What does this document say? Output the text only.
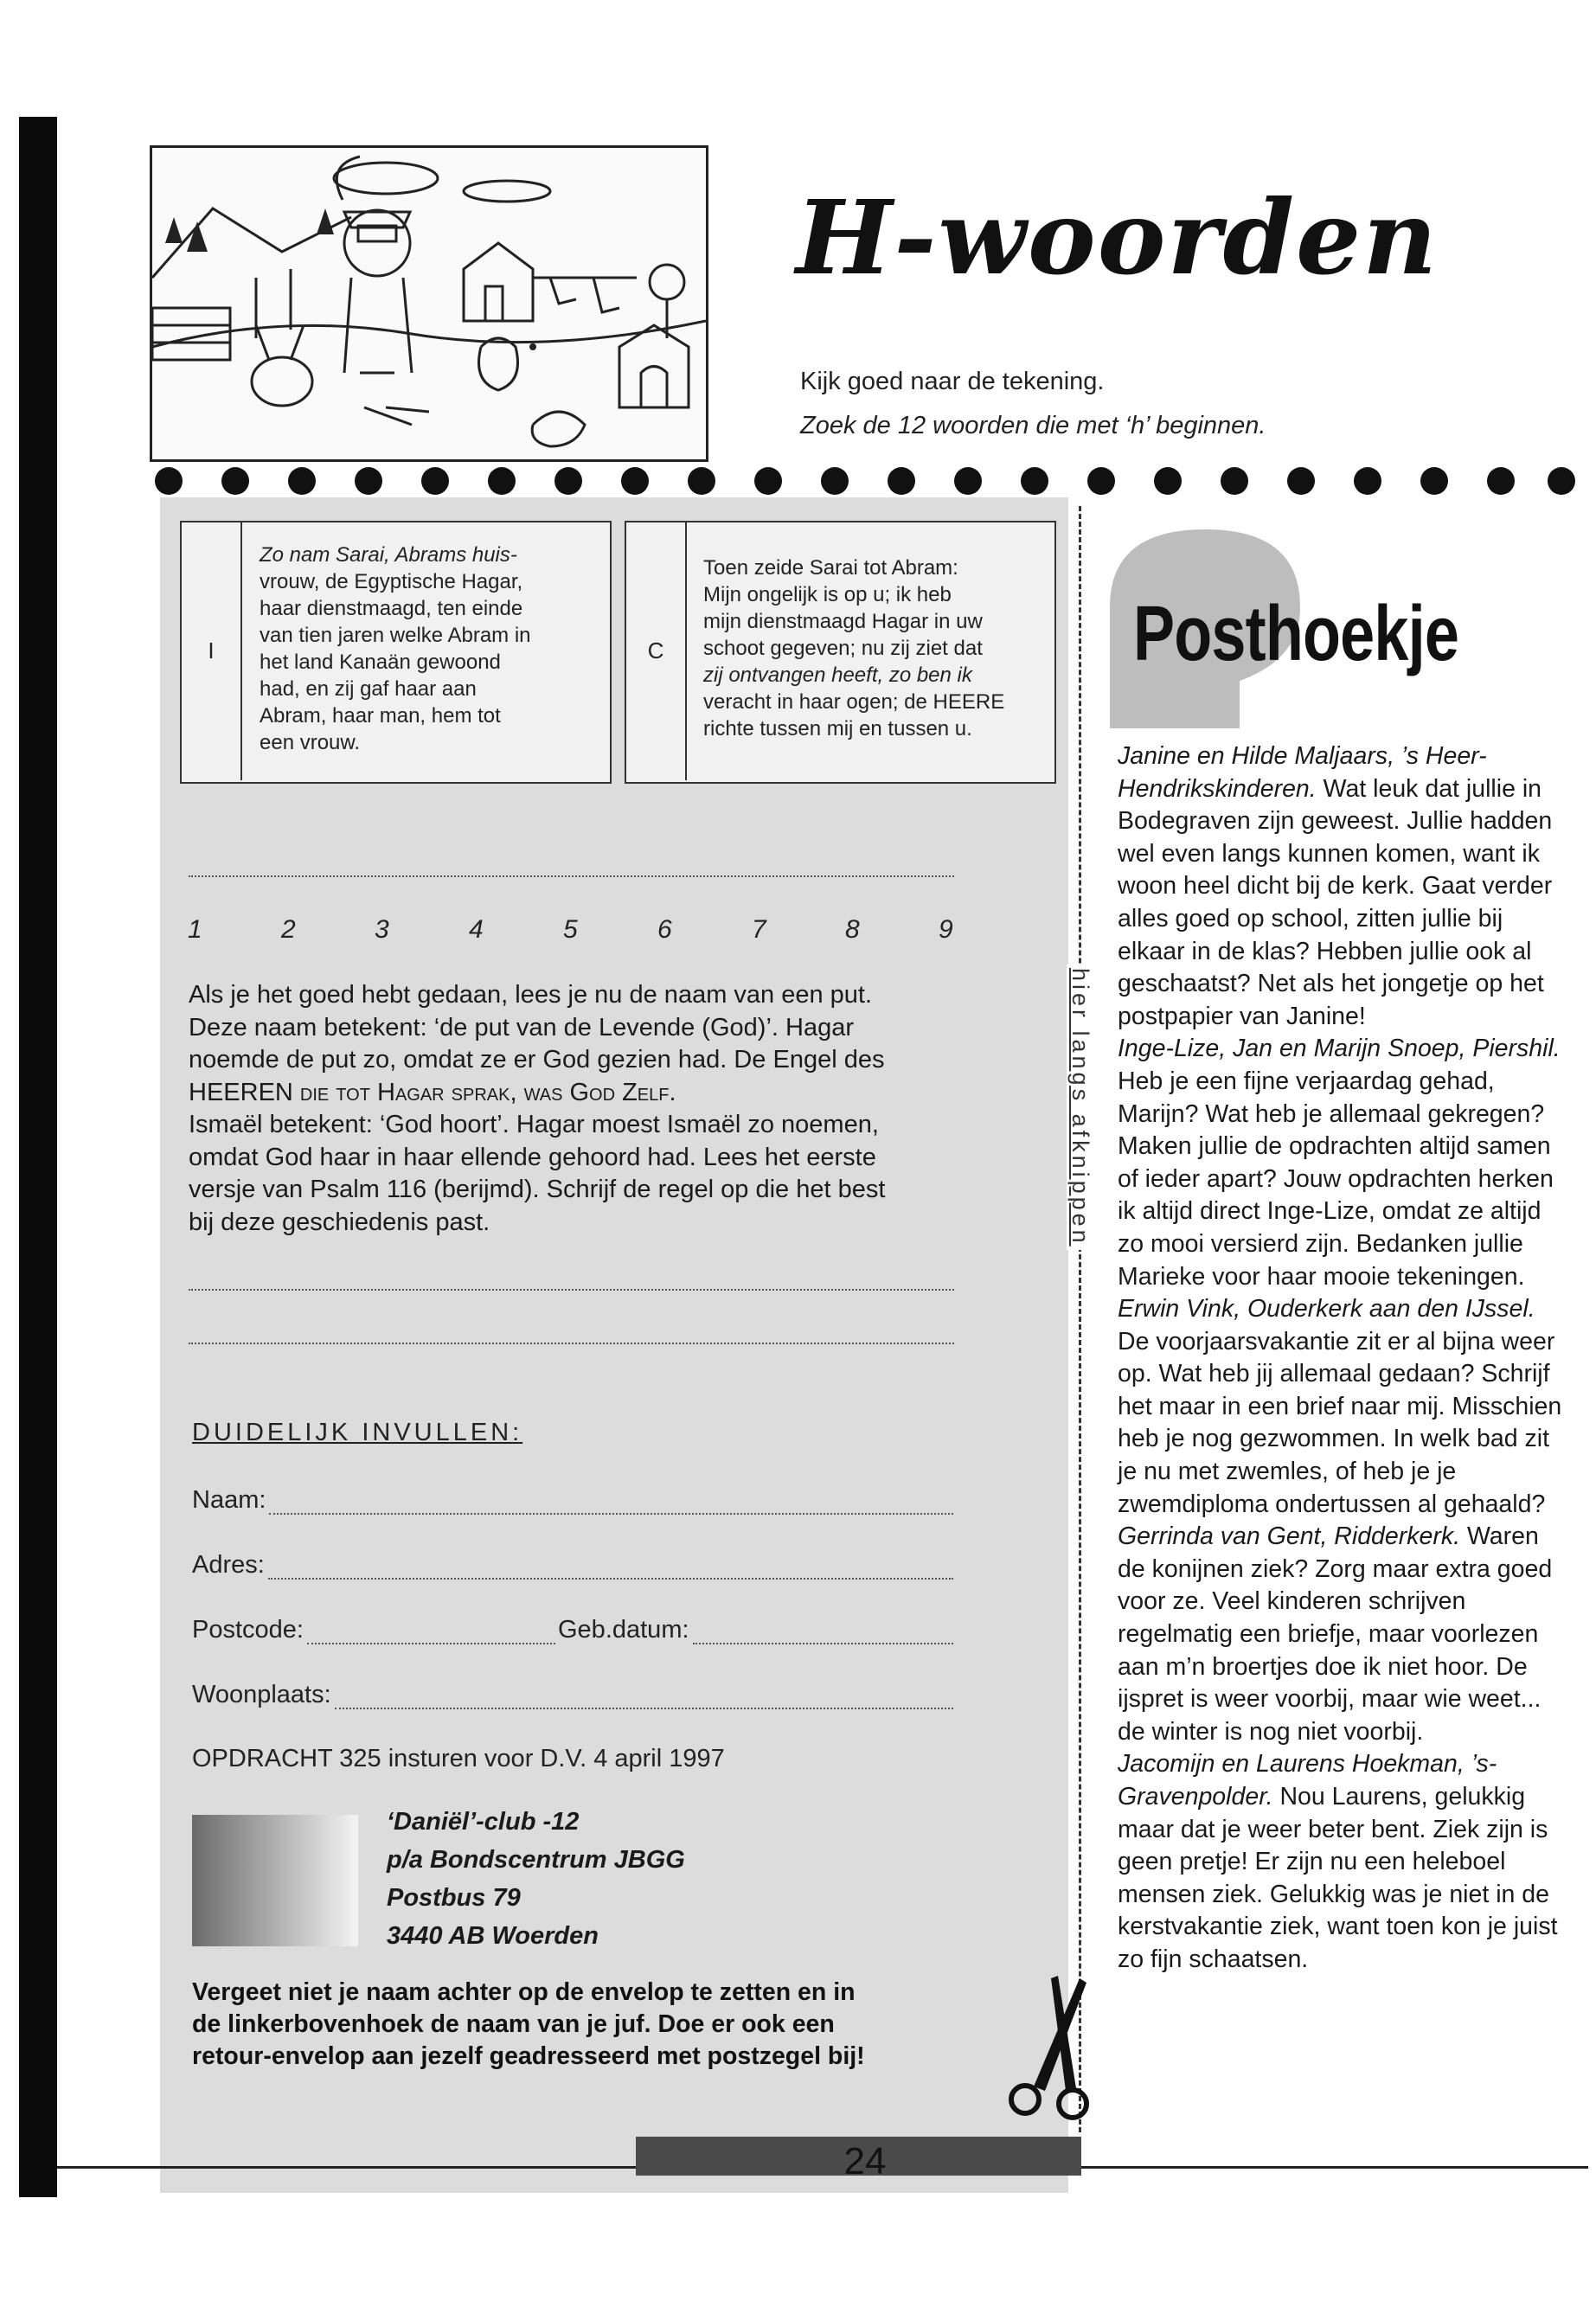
24
H-woorden
Kijk goed naar de tekening.
Zoek de 12 woorden die met ‘h’ beginnen.
I
Zo nam Sarai, Abrams huis-
vrouw, de Egyptische Hagar,
haar dienstmaagd, ten einde
van tien jaren welke Abram in
het land Kanaän gewoond
had, en zij gaf haar aan
Abram, haar man, hem tot
een vrouw.
C
Toen zeide Sarai tot Abram:
Mijn ongelijk is op u; ik heb
mijn dienstmaagd Hagar in uw
schoot gegeven; nu zij ziet dat
zij ontvangen heeft, zo ben ik
veracht in haar ogen; de HEERE
richte tussen mij en tussen u.
1	2	3	4	5	6	7	8	9
Als je het goed hebt gedaan, lees je nu de naam van een put.
Deze naam betekent: ‘de put van de Levende (God)’. Hagar
noemde de put zo, omdat ze er God gezien had. De Engel des
HEEREN die tot Hagar sprak, was God Zelf.
Ismaël betekent: ‘God hoort’. Hagar moest Ismaël zo noemen,
omdat God haar in haar ellende gehoord had. Lees het eerste
versje van Psalm 116 (berijmd). Schrijf de regel op die het best
bij deze geschiedenis past.
DUIDELIJK INVULLEN:
Naam:
Adres:
Postcode:	Geb.datum:
Woonplaats:
OPDRACHT 325 insturen voor D.V. 4 april 1997
‘Daniël’-club -12
p/a Bondscentrum JBGG
Postbus 79
3440 AB Woerden
Vergeet niet je naam achter op de envelop te zetten en in
de linkerbovenhoek de naam van je juf. Doe er ook een
retour-envelop aan jezelf geadresseerd met postzegel bij!
hier langs afknippen
Posthoekje

Janine en Hilde Maljaars, ’s Heer-Hendrikskinderen. Wat leuk dat jullie in Bodegraven zijn geweest. Jullie hadden wel even langs kunnen komen, want ik woon heel dicht bij de kerk. Gaat verder alles goed op school, zitten jullie bij elkaar in de klas? Hebben jullie ook al geschaatst? Net als het jongetje op het postpapier van Janine!

Inge-Lize, Jan en Marijn Snoep, Piershil. Heb je een fijne verjaardag gehad, Marijn? Wat heb je allemaal gekregen? Maken jullie de opdrachten altijd samen of ieder apart? Jouw opdrachten herken ik altijd direct Inge-Lize, omdat ze altijd zo mooi versierd zijn. Bedanken jullie Marieke voor haar mooie tekeningen.

Erwin Vink, Ouderkerk aan den IJssel. De voorjaarsvakantie zit er al bijna weer op. Wat heb jij allemaal gedaan? Schrijf het maar in een brief naar mij. Misschien heb je nog gezwommen. In welk bad zit je nu met zwemles, of heb je je zwemdiploma ondertussen al gehaald?

Gerrinda van Gent, Ridderkerk. Waren de konijnen ziek? Zorg maar extra goed voor ze. Veel kinderen schrijven regelmatig een briefje, maar voorlezen aan m’n broertjes doe ik niet hoor. De ijspret is weer voorbij, maar wie weet... de winter is nog niet voorbij.

Jacomijn en Laurens Hoekman, ’s-Gravenpolder. Nou Laurens, gelukkig maar dat je weer beter bent. Ziek zijn is geen pretje! Er zijn nu een heleboel mensen ziek. Gelukkig was je niet in de kerstvakantie ziek, want toen kon je juist zo fijn schaatsen.
